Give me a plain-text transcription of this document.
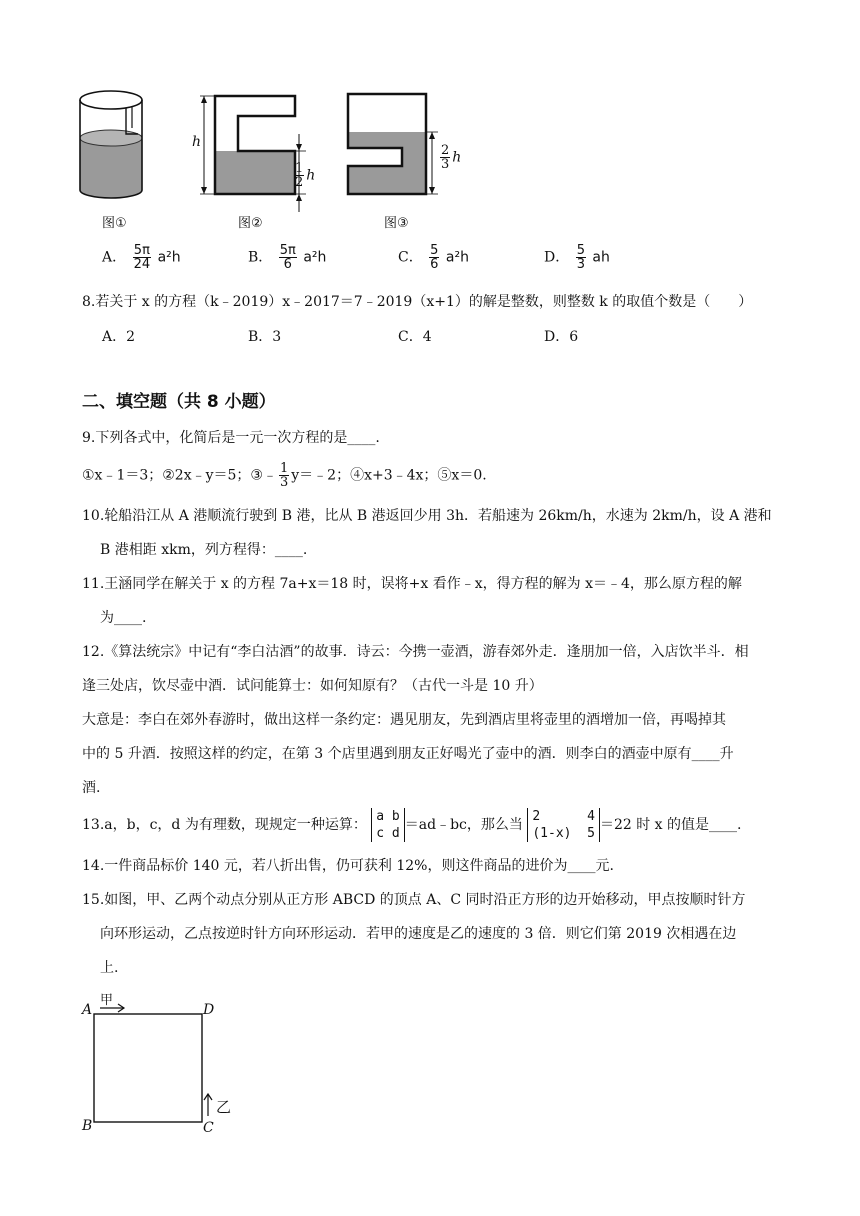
图①
h
$\frac{1}{2}$ h
图②
$\frac{2}{3}$ h
图③
A． $\frac{5\pi}{24} a^2h$	B． $\frac{5\pi}{6} a^2h$	C． $\frac{5}{6} a^2h$	D． $\frac{5}{3}$ ah
8.若关于 x 的方程（k﹣2019）x﹣2017＝7﹣2019（x+1）的解是整数，则整数 k 的取值个数是（　　）
A．2	B．3	C．4	D．6
二、填空题（共 8 小题）
9.下列各式中，化简后是一元一次方程的是____.
①x﹣1＝3；②2x﹣y＝5；③﹣ $\frac{1}{3}$ y＝﹣2；④x+3﹣4x；⑤x＝0.
10.轮船沿江从 A 港顺流行驶到 B 港，比从 B 港返回少用 3h．若船速为 26km/h，水速为 2km/h，设 A 港和
B 港相距 xkm，列方程得：____.
11.王涵同学在解关于 x 的方程 7a+x＝18 时，误将+x 看作﹣x，得方程的解为 x＝﹣4，那么原方程的解
为____.
12.《算法统宗》中记有“李白沽酒”的故事．诗云：今携一壶酒，游春郊外走．逢朋加一倍，入店饮半斗．相
逢三处店，饮尽壶中酒．试问能算士：如何知原有？（古代一斗是 10 升）
大意是：李白在郊外春游时，做出这样一条约定：遇见朋友，先到酒店里将壶里的酒增加一倍，再喝掉其
中的 5 升酒．按照这样的约定，在第 3 个店里遇到朋友正好喝光了壶中的酒．则李白的酒壶中原有____升
酒.
13.a，b，c，d 为有理数，现规定一种运算： a b
c d＝ad﹣bc，那么当 2      4
(1-x)  5＝22 时 x 的值是____.
14.一件商品标价 140 元，若八折出售，仍可获利 12%，则这件商品的进价为____元.
15.如图，甲、乙两个动点分别从正方形 ABCD 的顶点 A、C 同时沿正方形的边开始移动，甲点按顺时针方
向环形运动，乙点按逆时针方向环形运动．若甲的速度是乙的速度的 3 倍．则它们第 2019 次相遇在边
上.
A	D
B	C
甲
乙
